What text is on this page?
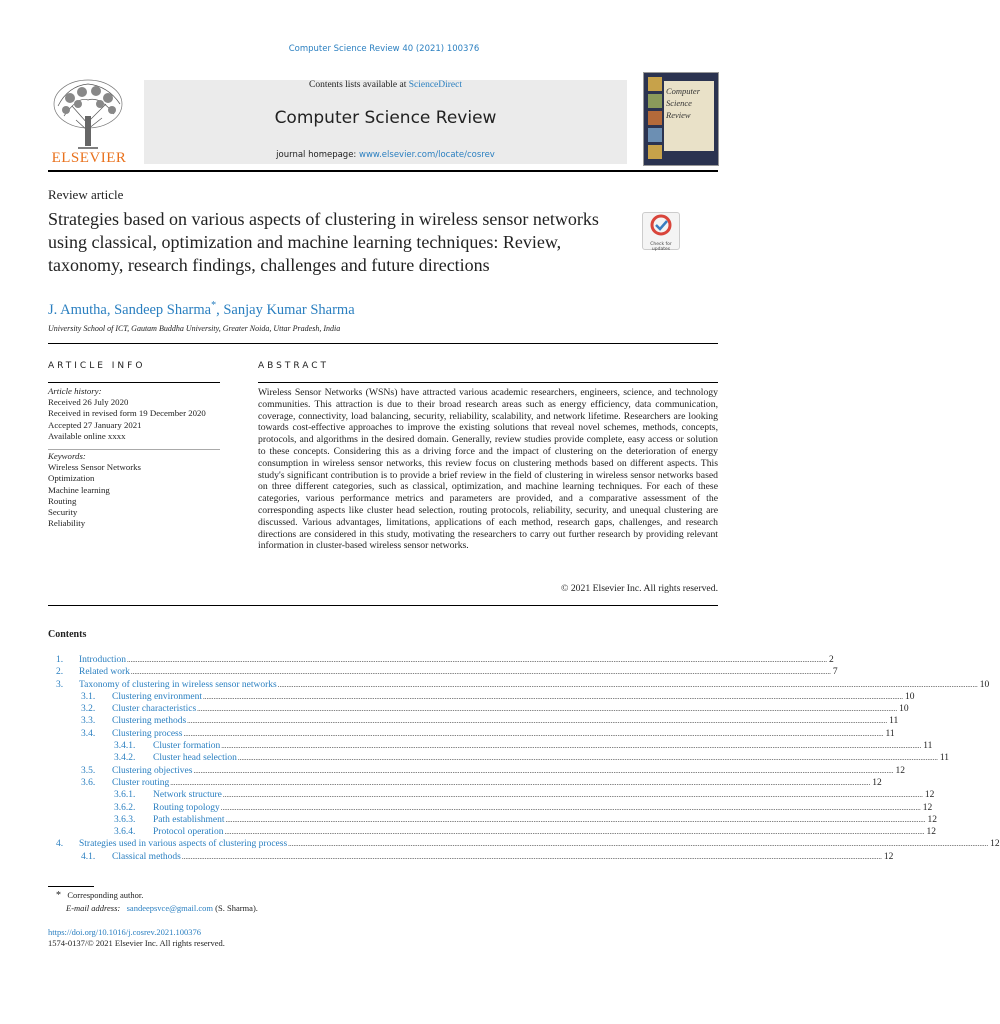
Computer Science Review 40 (2021) 100376
ELSEVIER
Contents lists available at ScienceDirect
Computer Science Review
journal homepage: www.elsevier.com/locate/cosrev
Computer
Science
Review
Review article
Strategies based on various aspects of clustering in wireless sensor networks using classical, optimization and machine learning techniques: Review, taxonomy, research findings, challenges and future directions
Check for updates
J. Amutha, Sandeep Sharma*, Sanjay Kumar Sharma
University School of ICT, Gautam Buddha University, Greater Noida, Uttar Pradesh, India
ARTICLE INFO	ABSTRACT
Article history:
Received 26 July 2020
Received in revised form 19 December 2020
Accepted 27 January 2021
Available online xxxx
Keywords:
Wireless Sensor Networks
Optimization
Machine learning
Routing
Security
Reliability
Wireless Sensor Networks (WSNs) have attracted various academic researchers, engineers, science, and technology communities. This attraction is due to their broad research areas such as energy efficiency, data communication, coverage, connectivity, load balancing, security, reliability, scalability, and network lifetime. Researchers are looking towards cost-effective approaches to improve the existing solutions that reveal novel schemes, methods, concepts, protocols, and algorithms in the desired domain. Generally, review studies provide complete, easy access or solution to these concepts. Considering this as a driving force and the impact of clustering on the deterioration of energy consumption in wireless sensor networks, this review focus on clustering methods based on different aspects. This study's significant contribution is to provide a brief review in the field of clustering in wireless sensor networks based on three different categories, such as classical, optimization, and machine learning techniques. For each of these categories, various performance metrics and parameters are provided, and a comparative assessment of the corresponding aspects like cluster head selection, routing protocols, reliability, security, and unequal clustering are discussed. Various advantages, limitations, applications of each method, research gaps, challenges, and research directions are considered in this study, motivating the researchers to carry out further research by providing relevant information in cluster-based wireless sensor networks.
© 2021 Elsevier Inc. All rights reserved.
Contents
1. Introduction ................................................................................................................................................................................................................................................................................................................................................................................................................ 2
2. Related work ................................................................................................................................................................................................................................................................................................................................................................................................................ 7
3. Taxonomy of clustering in wireless sensor networks ................................................................................................................................................................................................................................................................................................................................................................................................................ 10
3.1. Clustering environment ................................................................................................................................................................................................................................................................................................................................................................................................................ 10
3.2. Cluster characteristics ................................................................................................................................................................................................................................................................................................................................................................................................................ 10
3.3. Clustering methods ................................................................................................................................................................................................................................................................................................................................................................................................................ 11
3.4. Clustering process ................................................................................................................................................................................................................................................................................................................................................................................................................ 11
3.4.1. Cluster formation ................................................................................................................................................................................................................................................................................................................................................................................................................ 11
3.4.2. Cluster head selection ................................................................................................................................................................................................................................................................................................................................................................................................................ 11
3.5. Clustering objectives ................................................................................................................................................................................................................................................................................................................................................................................................................ 12
3.6. Cluster routing ................................................................................................................................................................................................................................................................................................................................................................................................................ 12
3.6.1. Network structure ................................................................................................................................................................................................................................................................................................................................................................................................................ 12
3.6.2. Routing topology ................................................................................................................................................................................................................................................................................................................................................................................................................ 12
3.6.3. Path establishment ................................................................................................................................................................................................................................................................................................................................................................................................................ 12
3.6.4. Protocol operation ................................................................................................................................................................................................................................................................................................................................................................................................................ 12
4. Strategies used in various aspects of clustering process ................................................................................................................................................................................................................................................................................................................................................................................................................ 12
4.1. Classical methods ................................................................................................................................................................................................................................................................................................................................................................................................................ 12
* Corresponding author.
E-mail address: sandeepsvce@gmail.com (S. Sharma).
https://doi.org/10.1016/j.cosrev.2021.100376
1574-0137/© 2021 Elsevier Inc. All rights reserved.
